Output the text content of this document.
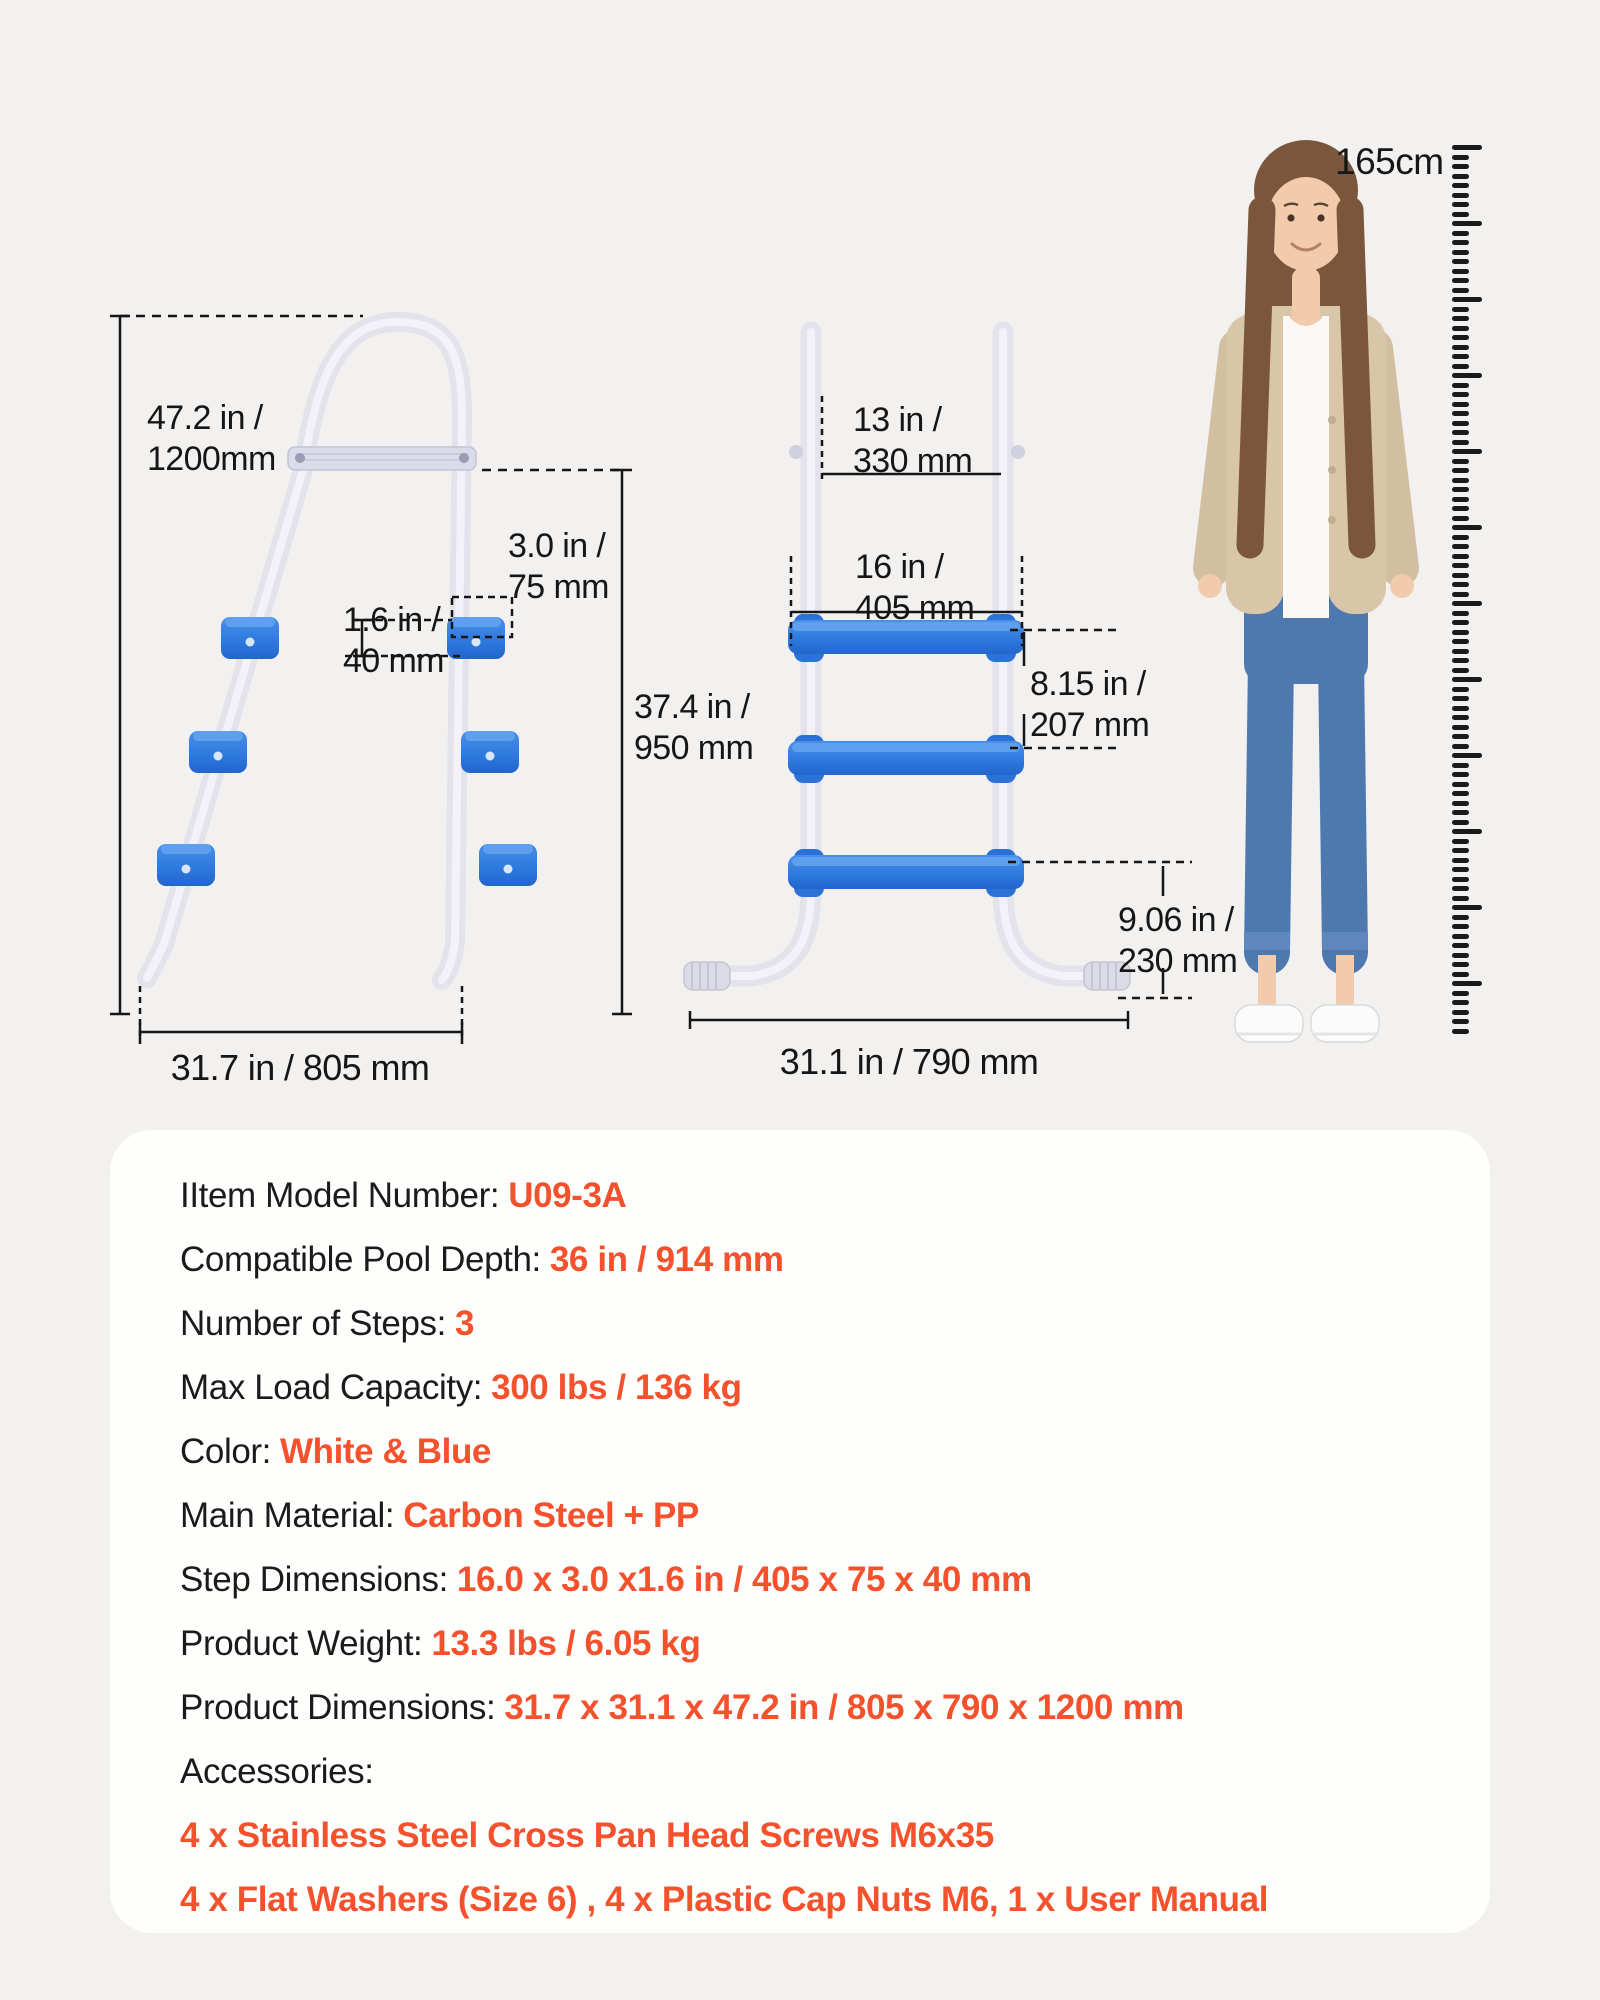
47.2 in /
1200mm
3.0 in /
75 mm
1.6 in /
40 mm
37.4 in /
950 mm
13 in /
330 mm
16 in /
405 mm
8.15 in /
207 mm
9.06 in /
230 mm
31.7 in / 805 mm	31.1 in / 790 mm
165cm
IItem Model Number: U09-3A
Compatible Pool Depth: 36 in / 914 mm
Number of Steps: 3
Max Load Capacity: 300 lbs / 136 kg
Color: White & Blue
Main Material: Carbon Steel + PP
Step Dimensions: 16.0 x 3.0 x1.6 in / 405 x 75 x 40 mm
Product Weight: 13.3 lbs / 6.05 kg
Product Dimensions: 31.7 x 31.1 x 47.2 in / 805 x 790 x 1200 mm
Accessories:
4 x Stainless Steel Cross Pan Head Screws M6x35
4 x Flat Washers (Size 6) , 4 x Plastic Cap Nuts M6, 1 x User Manual
